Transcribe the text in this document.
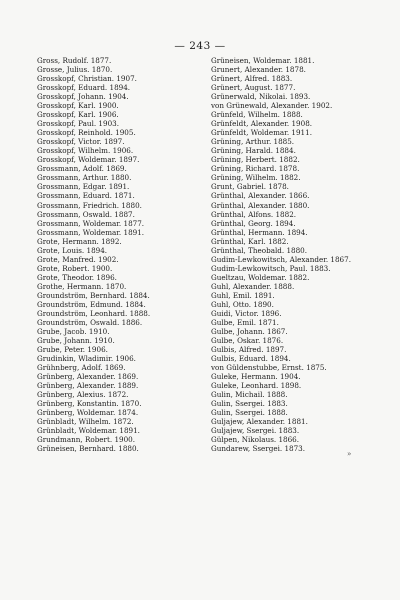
— 243 —
Gross, Rudolf. 1877.
Grosse, Julius. 1870.
Grosskopf, Christian. 1907.
Grosskopf, Eduard. 1894.
Grosskopf, Johann. 1904.
Grosskopf, Karl. 1900.
Grosskopf, Karl. 1906.
Grosskopf, Paul. 1903.
Grosskopf, Reinhold. 1905.
Grosskopf, Victor. 1897.
Grosskopf, Wilhelm. 1906.
Grosskopf, Woldemar. 1897.
Grossmann, Adolf. 1869.
Grossmann, Arthur. 1880.
Grossmann, Edgar. 1891.
Grossmann, Eduard. 1871.
Grossmann, Friedrich. 1880.
Grossmann, Oswald. 1887.
Grossmann, Woldemar. 1877.
Grossmann, Woldemar. 1891.
Grote, Hermann. 1892.
Grote, Louis. 1894.
Grote, Manfred. 1902.
Grote, Robert. 1900.
Grote, Theodor. 1896.
Grothe, Hermann. 1870.
Groundström, Bernhard. 1884.
Groundström, Edmund. 1884.
Groundström, Leonhard. 1888.
Groundström, Oswald. 1886.
Grube, Jacob. 1910.
Grube, Johann. 1910.
Grube, Peter. 1906.
Grudinkin, Wladimir. 1906.
Grühnberg, Adolf. 1869.
Grünberg, Alexander. 1869.
Grünberg, Alexander. 1889.
Grünberg, Alexius. 1872.
Grünberg, Konstantin. 1870.
Grünberg, Woldemar. 1874.
Grünbladt, Wilhelm. 1872.
Grünbladt, Woldemar. 1891.
Grundmann, Robert. 1900.
Grüneisen, Bernhard. 1880.
Grüneisen, Woldemar. 1881.
Grunert, Alexander. 1878.
Grünert, Alfred. 1883.
Grünert, August. 1877.
Grünerwald, Nikolai. 1893.
von Grünewald, Alexander. 1902.
Grünfeld, Wilhelm. 1888.
Grünfeldt, Alexander. 1908.
Grünfeldt, Woldemar. 1911.
Grüning, Arthur. 1885.
Grüning, Harald. 1884.
Grüning, Herbert. 1882.
Grüning, Richard. 1878.
Grüning, Wilhelm. 1882.
Grunt, Gabriel. 1878.
Grünthal, Alexander. 1866.
Grünthal, Alexander. 1880.
Grünthal, Alfons. 1882.
Grünthal, Georg. 1894.
Grünthal, Hermann. 1894.
Grünthal, Karl. 1882.
Grünthal, Theobald. 1880.
Gudim-Lewkowitsch, Alexander. 1867.
Gudim-Lewkowitsch, Paul. 1883.
Gueltzau, Woldemar. 1882.
Guhl, Alexander. 1888.
Guhl, Emil. 1891.
Guhl, Otto. 1890.
Guidi, Victor. 1896.
Gulbe, Emil. 1871.
Gulbe, Johann. 1867.
Gulbe, Oskar. 1876.
Gulbis, Alfred. 1897.
Gulbis, Eduard. 1894.
von Güldenstubbe, Ernst. 1875.
Guleke, Hermann. 1904.
Guleke, Leonhard. 1898.
Gulin, Michail. 1888.
Gulin, Ssergei. 1883.
Gulin, Ssergei. 1888.
Guljajew, Alexander. 1881.
Guljajew, Ssergei. 1883.
Gülpen, Nikolaus. 1866.
Gundarew, Ssergei. 1873.
»
